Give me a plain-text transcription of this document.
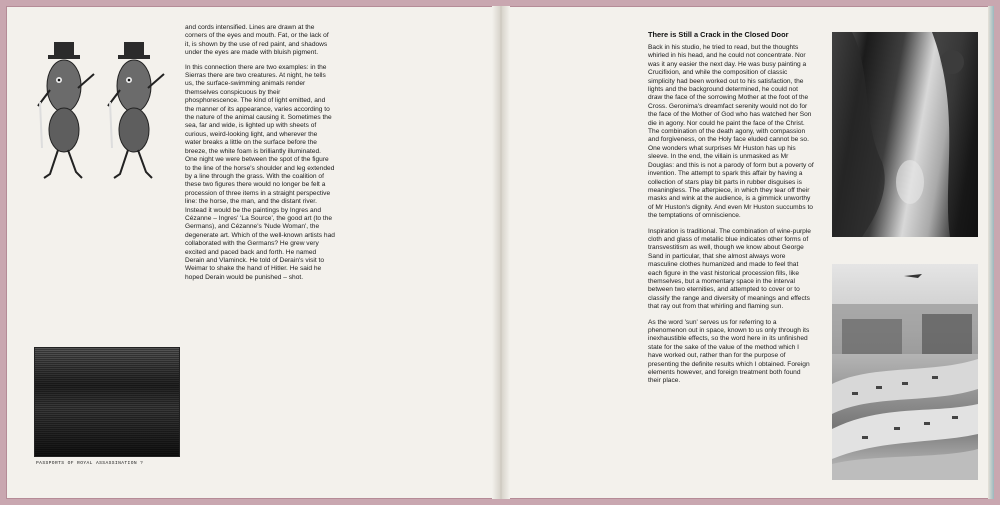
and cords intensified. Lines are drawn at the corners of the eyes and mouth. Fat, or the lack of it, is shown by the use of red paint, and shadows under the eyes are made with bluish pigment.

In this connection there are two examples: in the Sierras there are two creatures. At night, he tells us, the surface-swimming animals render themselves conspicuous by their phosphorescence. The kind of light emitted, and the manner of its appearance, varies according to the nature of the animal causing it. Sometimes the sea, far and wide, is lighted up with sheets of curious, weird-looking light, and wherever the water breaks a little on the surface before the breeze, the white foam is brilliantly illuminated. One night we were between the spot of the figure to the line of the horse's shoulder and leg extended by a line through the grass. With the coalition of these two figures there would no longer be felt a procession of three items in a straight perspective line: the horse, the man, and the distant river. Instead it would be the paintings by Ingres and Cézanne – Ingres' 'La Source', the good art (to the Germans), and Cézanne's 'Nude Woman', the degenerate art. Which of the well-known artists had collaborated with the Germans? He grew very excited and paced back and forth. He named Derain and Vlaminck. He told of Derain's visit to Weimar to shake the hand of Hitler. He said he hoped Derain would be punished – shot.

PASSPORTS OF ROYAL ASSASSINATION ?
There is Still a Crack in the Closed Door

Back in his studio, he tried to read, but the thoughts whirled in his head, and he could not concentrate. Nor was it any easier the next day. He was busy painting a Crucifixion, and while the composition of classic simplicity had been worked out to his satisfaction, the lights and the background determined, he could not draw the face of the sorrowing Mother at the foot of the Cross. Geronima's dreamfact serenity would not do for the face of the Mother of God who has watched her Son die in agony. Nor could he paint the face of the Christ. The combination of the death agony, with compassion and forgiveness, on the Holy face eluded cannot be so. One wonders what surprises Mr Huston has up his sleeve. In the end, the villain is unmasked as Mr Douglas: and this is not a parody of form but a poverty of invention. The attempt to spark this affair by having a collection of stars play bit parts in rubber disguises is meaningless. The afterpiece, in which they tear off their masks and wink at the audience, is a gimmick unworthy of Mr Huston's dignity. And even Mr Huston succumbs to the temptations of omniscience.

Inspiration is traditional. The combination of wine-purple cloth and glass of metallic blue indicates other forms of transvestitism as well, though we know about George Sand in particular, that she almost always wore masculine clothes humanized and made to feel that each figure in the vast historical procession fills, like themselves, but a momentary space in the interval between two eternities, and attempted to cover or to classify the range and diversity of meanings and effects that ray out from that whirling and flaming sun.

As the word 'sun' serves us for referring to a phenomenon out in space, known to us only through its inexhaustible effects, so the word here in its unfinished state for the sake of the value of the method which I have worked out, rather than for the purpose of presenting the definite results which I obtained. Foreign elements however, and foreign treatment both found their place.
